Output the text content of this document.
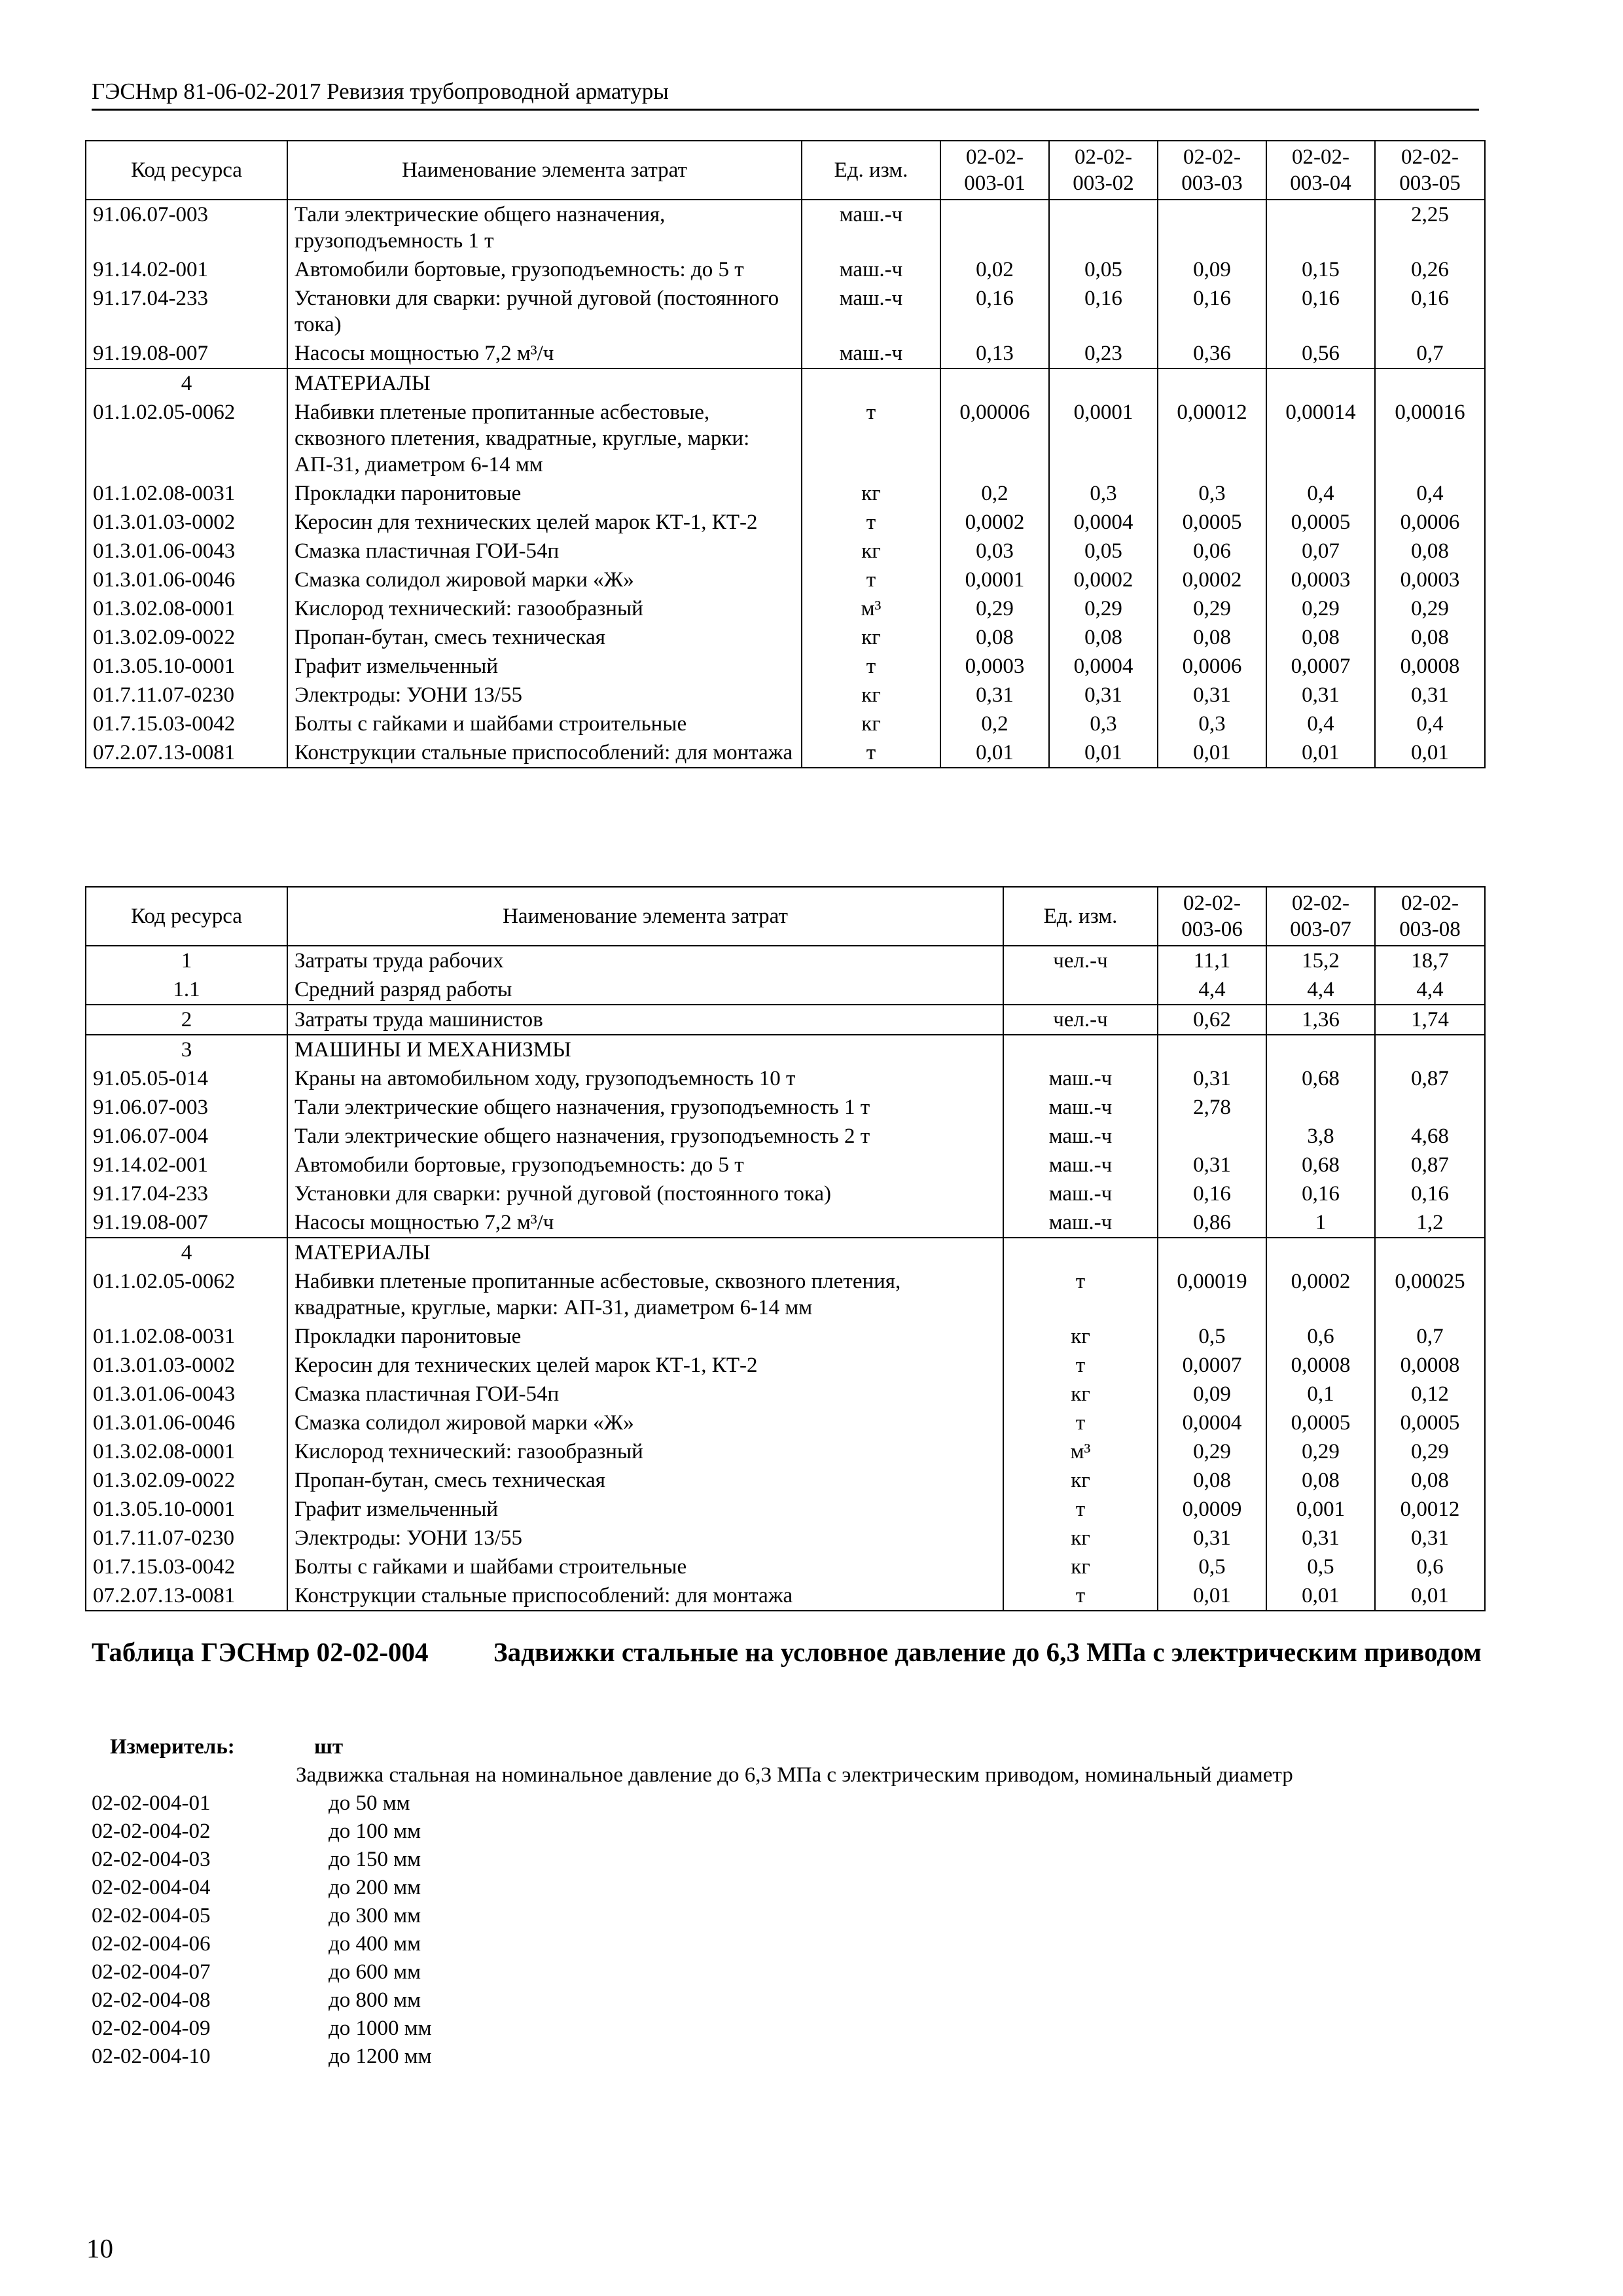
ГЭСНмр 81-06-02-2017 Ревизия трубопроводной арматуры
Код ресурса	Наименование элемента затрат	Ед. изм.	02-02-
003-01	02-02-
003-02	02-02-
003-03	02-02-
003-04	02-02-
003-05
91.06.07-003	Тали электрические общего назначения, грузоподъемность 1 т	маш.-ч					2,25
91.14.02-001	Автомобили бортовые, грузоподъемность: до 5 т	маш.-ч	0,02	0,05	0,09	0,15	0,26
91.17.04-233	Установки для сварки: ручной дуговой (постоянного тока)	маш.-ч	0,16	0,16	0,16	0,16	0,16
91.19.08-007	Насосы мощностью 7,2 м³/ч	маш.-ч	0,13	0,23	0,36	0,56	0,7
4	МАТЕРИАЛЫ						
01.1.02.05-0062	Набивки плетеные пропитанные асбестовые, сквозного плетения, квадратные, круглые, марки: АП-31, диаметром 6-14 мм	т	0,00006	0,0001	0,00012	0,00014	0,00016
01.1.02.08-0031	Прокладки паронитовые	кг	0,2	0,3	0,3	0,4	0,4
01.3.01.03-0002	Керосин для технических целей марок КТ-1, КТ-2	т	0,0002	0,0004	0,0005	0,0005	0,0006
01.3.01.06-0043	Смазка пластичная ГОИ-54п	кг	0,03	0,05	0,06	0,07	0,08
01.3.01.06-0046	Смазка солидол жировой марки «Ж»	т	0,0001	0,0002	0,0002	0,0003	0,0003
01.3.02.08-0001	Кислород технический: газообразный	м³	0,29	0,29	0,29	0,29	0,29
01.3.02.09-0022	Пропан-бутан, смесь техническая	кг	0,08	0,08	0,08	0,08	0,08
01.3.05.10-0001	Графит измельченный	т	0,0003	0,0004	0,0006	0,0007	0,0008
01.7.11.07-0230	Электроды: УОНИ 13/55	кг	0,31	0,31	0,31	0,31	0,31
01.7.15.03-0042	Болты с гайками и шайбами строительные	кг	0,2	0,3	0,3	0,4	0,4
07.2.07.13-0081	Конструкции стальные приспособлений: для монтажа	т	0,01	0,01	0,01	0,01	0,01
Код ресурса	Наименование элемента затрат	Ед. изм.	02-02-
003-06	02-02-
003-07	02-02-
003-08
1	Затраты труда рабочих	чел.-ч	11,1	15,2	18,7
1.1	Средний разряд работы		4,4	4,4	4,4
2	Затраты труда машинистов	чел.-ч	0,62	1,36	1,74
3	МАШИНЫ И МЕХАНИЗМЫ				
91.05.05-014	Краны на автомобильном ходу, грузоподъемность 10 т	маш.-ч	0,31	0,68	0,87
91.06.07-003	Тали электрические общего назначения, грузоподъемность 1 т	маш.-ч	2,78		
91.06.07-004	Тали электрические общего назначения, грузоподъемность 2 т	маш.-ч		3,8	4,68
91.14.02-001	Автомобили бортовые, грузоподъемность: до 5 т	маш.-ч	0,31	0,68	0,87
91.17.04-233	Установки для сварки: ручной дуговой (постоянного тока)	маш.-ч	0,16	0,16	0,16
91.19.08-007	Насосы мощностью 7,2 м³/ч	маш.-ч	0,86	1	1,2
4	МАТЕРИАЛЫ				
01.1.02.05-0062	Набивки плетеные пропитанные асбестовые, сквозного плетения, квадратные, круглые, марки: АП-31, диаметром 6-14 мм	т	0,00019	0,0002	0,00025
01.1.02.08-0031	Прокладки паронитовые	кг	0,5	0,6	0,7
01.3.01.03-0002	Керосин для технических целей марок КТ-1, КТ-2	т	0,0007	0,0008	0,0008
01.3.01.06-0043	Смазка пластичная ГОИ-54п	кг	0,09	0,1	0,12
01.3.01.06-0046	Смазка солидол жировой марки «Ж»	т	0,0004	0,0005	0,0005
01.3.02.08-0001	Кислород технический: газообразный	м³	0,29	0,29	0,29
01.3.02.09-0022	Пропан-бутан, смесь техническая	кг	0,08	0,08	0,08
01.3.05.10-0001	Графит измельченный	т	0,0009	0,001	0,0012
01.7.11.07-0230	Электроды: УОНИ 13/55	кг	0,31	0,31	0,31
01.7.15.03-0042	Болты с гайками и шайбами строительные	кг	0,5	0,5	0,6
07.2.07.13-0081	Конструкции стальные приспособлений: для монтажа	т	0,01	0,01	0,01
Таблица ГЭСНмр 02-02-004	Задвижки стальные на условное давление до 6,3 МПа с электрическим приводом
Измеритель:	шт
Задвижка стальная на номинальное давление до 6,3 МПа с электрическим приводом, номинальный диаметр
02-02-004-01	до 50 мм
02-02-004-02	до 100 мм
02-02-004-03	до 150 мм
02-02-004-04	до 200 мм
02-02-004-05	до 300 мм
02-02-004-06	до 400 мм
02-02-004-07	до 600 мм
02-02-004-08	до 800 мм
02-02-004-09	до 1000 мм
02-02-004-10	до 1200 мм
10
